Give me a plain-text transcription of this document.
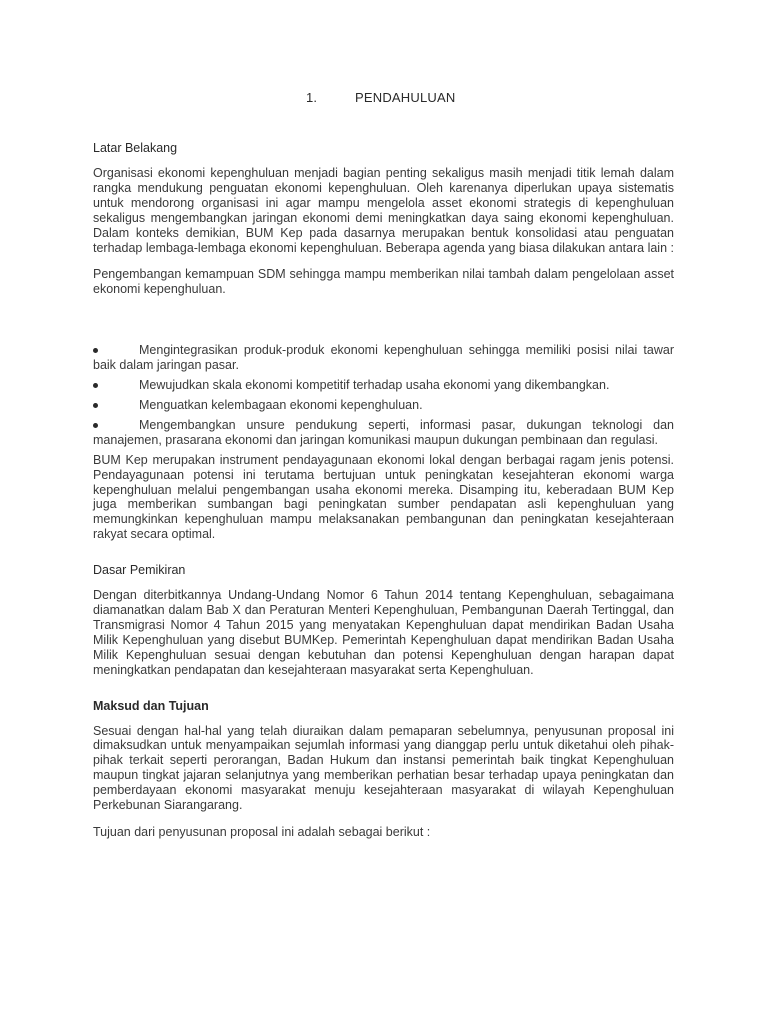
1.	PENDAHULUAN
Latar Belakang

Organisasi ekonomi kepenghuluan menjadi bagian penting sekaligus masih menjadi titik lemah dalam rangka mendukung penguatan ekonomi kepenghuluan. Oleh karenanya diperlukan upaya sistematis untuk mendorong organisasi ini agar mampu mengelola asset ekonomi strategis di kepenghuluan sekaligus mengembangkan jaringan ekonomi demi meningkatkan daya saing ekonomi kepenghuluan. Dalam konteks demikian, BUM Kep pada dasarnya merupakan bentuk konsolidasi atau penguatan terhadap lembaga-lembaga ekonomi kepenghuluan. Beberapa agenda yang biasa dilakukan antara lain :

Pengembangan kemampuan SDM sehingga mampu memberikan nilai tambah dalam pengelolaan asset ekonomi kepenghuluan.

Mengintegrasikan produk-produk ekonomi kepenghuluan sehingga memiliki posisi nilai tawar baik dalam jaringan pasar.
Mewujudkan skala ekonomi kompetitif terhadap usaha ekonomi yang dikembangkan.
Menguatkan kelembagaan ekonomi kepenghuluan.
Mengembangkan unsure pendukung seperti, informasi pasar, dukungan teknologi dan manajemen, prasarana ekonomi dan jaringan komunikasi maupun dukungan pembinaan dan regulasi.

BUM Kep merupakan instrument pendayagunaan ekonomi lokal dengan berbagai ragam jenis potensi. Pendayagunaan potensi ini terutama bertujuan untuk peningkatan kesejahteran ekonomi warga kepenghuluan melalui pengembangan usaha ekonomi mereka. Disamping itu, keberadaan BUM Kep juga memberikan sumbangan bagi peningkatan sumber pendapatan asli kepenghuluan yang memungkinkan kepenghuluan mampu melaksanakan pembangunan dan peningkatan kesejahteraan rakyat secara optimal.

Dasar Pemikiran

Dengan diterbitkannya Undang-Undang Nomor 6 Tahun 2014 tentang Kepenghuluan, sebagaimana diamanatkan dalam Bab X dan Peraturan Menteri Kepenghuluan, Pembangunan Daerah Tertinggal, dan Transmigrasi Nomor 4 Tahun 2015 yang menyatakan Kepenghuluan dapat mendirikan Badan Usaha Milik Kepenghuluan yang disebut BUMKep. Pemerintah Kepenghuluan dapat mendirikan Badan Usaha Milik Kepenghuluan sesuai dengan kebutuhan dan potensi Kepenghuluan dengan harapan dapat meningkatkan pendapatan dan kesejahteraan masyarakat serta Kepenghuluan.

Maksud dan Tujuan

Sesuai dengan hal-hal yang telah diuraikan dalam pemaparan sebelumnya, penyusunan proposal ini dimaksudkan untuk menyampaikan sejumlah informasi yang dianggap perlu untuk diketahui oleh pihak-pihak terkait seperti perorangan, Badan Hukum dan instansi pemerintah baik tingkat Kepenghuluan maupun tingkat jajaran selanjutnya yang memberikan perhatian besar terhadap upaya peningkatan dan pemberdayaan ekonomi masyarakat menuju kesejahteraan masyarakat di wilayah Kepenghuluan Perkebunan Siarangarang.

Tujuan dari penyusunan proposal ini adalah sebagai berikut :
